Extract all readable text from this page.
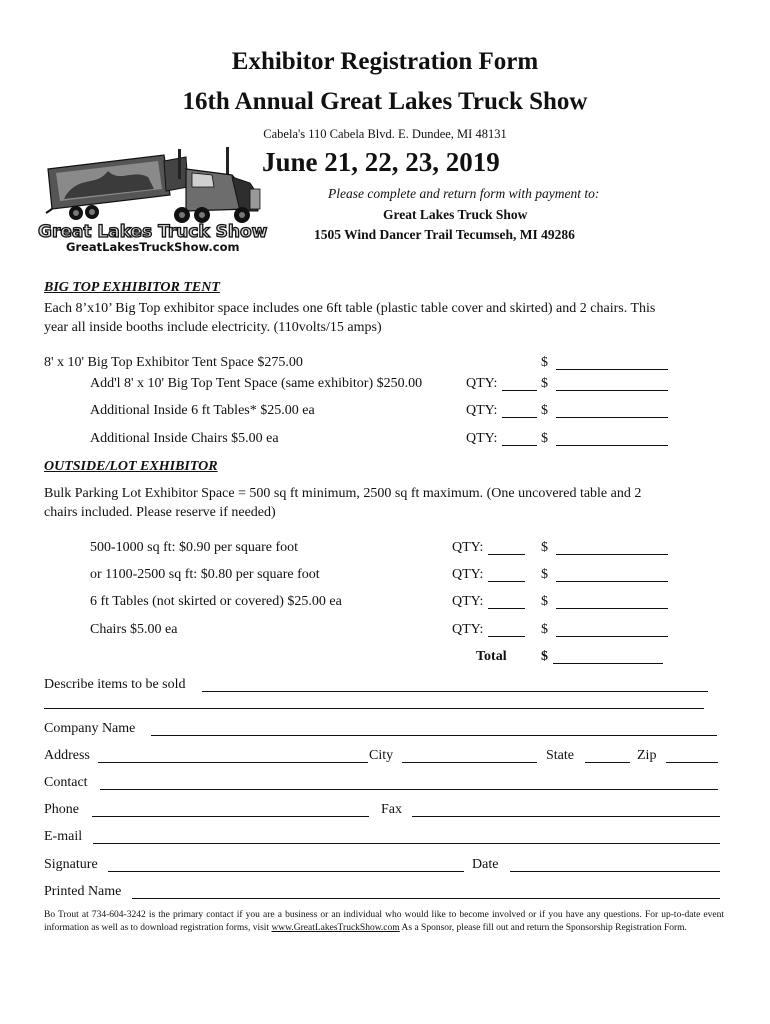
Exhibitor Registration Form
16th Annual Great Lakes Truck Show
Cabela's 110 Cabela Blvd. E. Dundee, MI 48131
Great Lakes Truck Show
GreatLakesTruckShow.com
June 21, 22, 23, 2019
Please complete and return form with payment to:
Great Lakes Truck Show
1505 Wind Dancer Trail Tecumseh, MI 49286
BIG TOP EXHIBITOR TENT
Each 8’x10’ Big Top exhibitor space includes one 6ft table (plastic table cover and skirted) and 2 chairs. This
year all inside booths include electricity. (110volts/15 amps)
8' x 10' Big Top Exhibitor Tent Space $275.00	$
Add'l 8' x 10' Big Top Tent Space (same exhibitor) $250.00	QTY:	$
Additional Inside 6 ft Tables* $25.00 ea	QTY:	$
Additional Inside Chairs $5.00 ea	QTY:	$
OUTSIDE/LOT EXHIBITOR
Bulk Parking Lot Exhibitor Space = 500 sq ft minimum, 2500 sq ft maximum. (One uncovered table and 2
chairs included. Please reserve if needed)
500-1000 sq ft: $0.90 per square foot	QTY:	$
or 1100-2500 sq ft: $0.80 per square foot	QTY:	$
6 ft Tables (not skirted or covered) $25.00 ea	QTY:	$
Chairs $5.00 ea	QTY:	$
Total $
Describe items to be sold
Company Name
Address	City	State	Zip
Contact
Phone	Fax
E-mail
Signature	Date
Printed Name
Bo Trout at 734-604-3242 is the primary contact if you are a business or an individual who would like to become involved or if you have any questions. For up-to-date event information as well as to download registration forms, visit www.GreatLakesTruckShow.com As a Sponsor, please fill out and return the Sponsorship Registration Form.
